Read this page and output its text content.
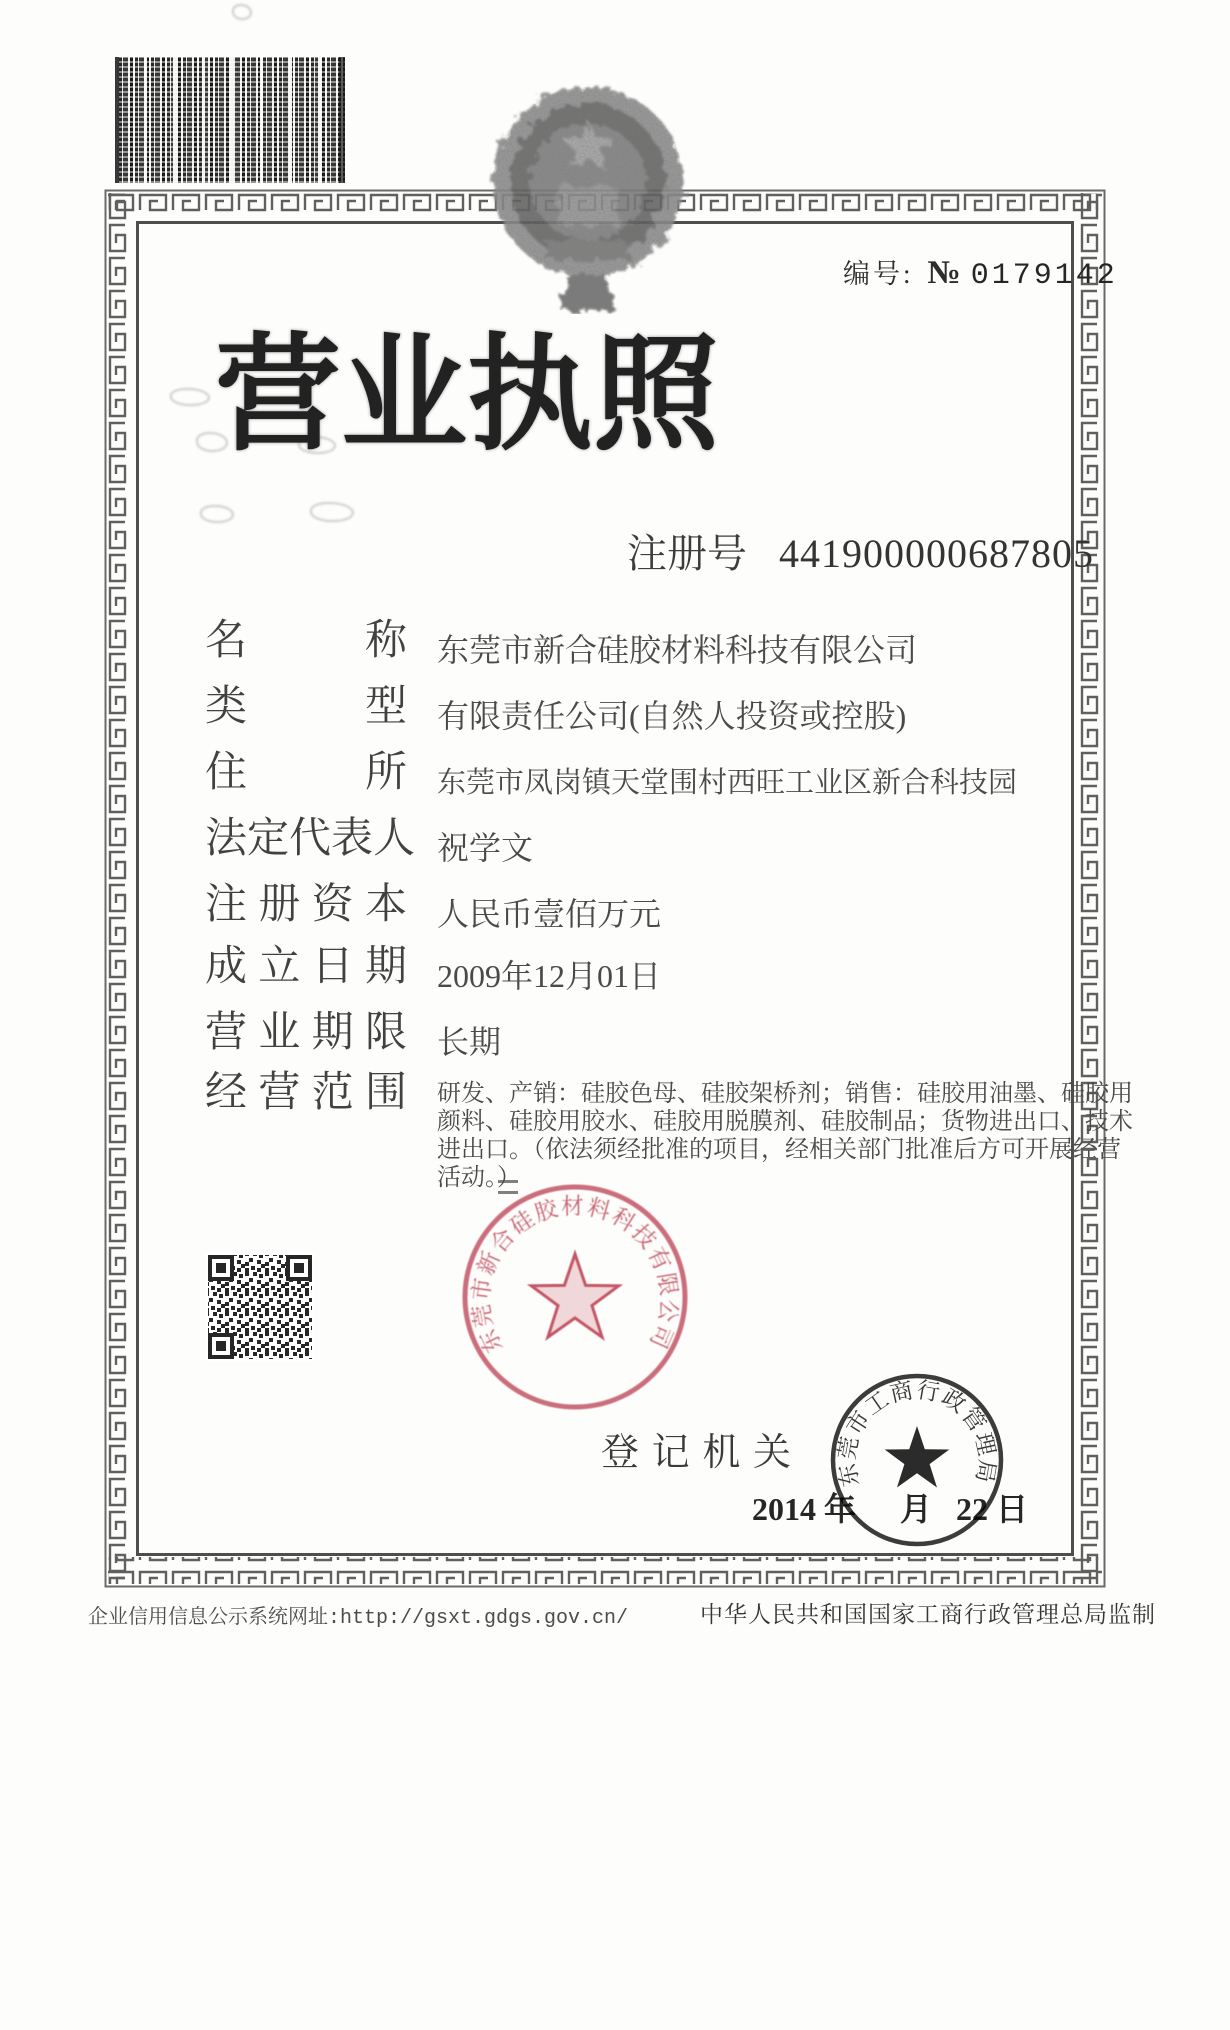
编号: № 0179142
营 业 执 照
注 册 号 441900000687805
名	称 东莞市新合硅胶材料科技有限公司
类	型 有限责任公司(自然人投资或控股)
住	所 东莞市凤岗镇天堂围村西旺工业区新合科技园
法 定 代 表 人 祝学文
注 册 资 本 人民币壹佰万元
成 立 日 期 2009年12月01日
营 业 期 限 长期
经 营 范 围 研发、产销：硅胶色母、硅胶架桥剂；销售：硅胶用油墨、硅胶用
颜料、硅胶用胶水、硅胶用脱膜剂、硅胶制品；货物进出口、技术
进出口。（依法须经批准的项目，经相关部门批准后方可开展经营
活动。）
东莞市新合硅胶材料科技有限公司
登 记 机 关
2014 年 月 22 日
东莞市工商行政管理局
企业信用信息公示系统网址:http://gsxt.gdgs.gov.cn/	中华人民共和国国家工商行政管理总局监制
